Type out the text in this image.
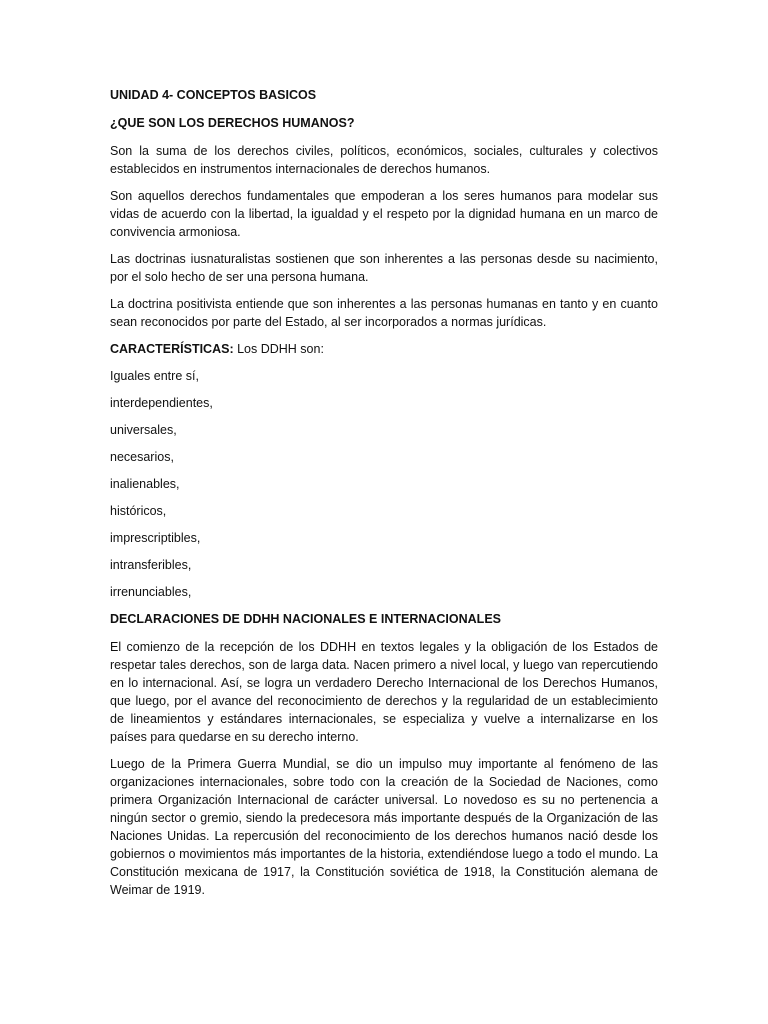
UNIDAD 4- CONCEPTOS BASICOS
¿QUE SON LOS DERECHOS HUMANOS?

Son la suma de los derechos civiles, políticos, económicos, sociales, culturales y colectivos establecidos en instrumentos internacionales de derechos humanos.

Son aquellos derechos fundamentales que empoderan a los seres humanos para modelar sus vidas de acuerdo con la libertad, la igualdad y el respeto por la dignidad humana en un marco de convivencia armoniosa.

Las doctrinas iusnaturalistas sostienen que son inherentes a las personas desde su nacimiento, por el solo hecho de ser una persona humana.

La doctrina positivista entiende que son inherentes a las personas humanas en tanto y en cuanto sean reconocidos por parte del Estado, al ser incorporados a normas jurídicas.

CARACTERÍSTICAS: Los DDHH son:
Iguales entre sí,
interdependientes,
universales,
necesarios,
inalienables,
históricos,
imprescriptibles,
intransferibles,
irrenunciables,
DECLARACIONES DE DDHH NACIONALES E INTERNACIONALES

El comienzo de la recepción de los DDHH en textos legales y la obligación de los Estados de respetar tales derechos, son de larga data. Nacen primero a nivel local, y luego van repercutiendo en lo internacional. Así, se logra un verdadero Derecho Internacional de los Derechos Humanos, que luego, por el avance del reconocimiento de derechos y la regularidad de un establecimiento de lineamientos y estándares internacionales, se especializa y vuelve a internalizarse en los países para quedarse en su derecho interno.

Luego de la Primera Guerra Mundial, se dio un impulso muy importante al fenómeno de las organizaciones internacionales, sobre todo con la creación de la Sociedad de Naciones, como primera Organización Internacional de carácter universal. Lo novedoso es su no pertenencia a ningún sector o gremio, siendo la predecesora más importante después de la Organización de las Naciones Unidas. La repercusión del reconocimiento de los derechos humanos nació desde los gobiernos o movimientos más importantes de la historia, extendiéndose luego a todo el mundo. La Constitución mexicana de 1917, la Constitución soviética de 1918, la Constitución alemana de Weimar de 1919.
